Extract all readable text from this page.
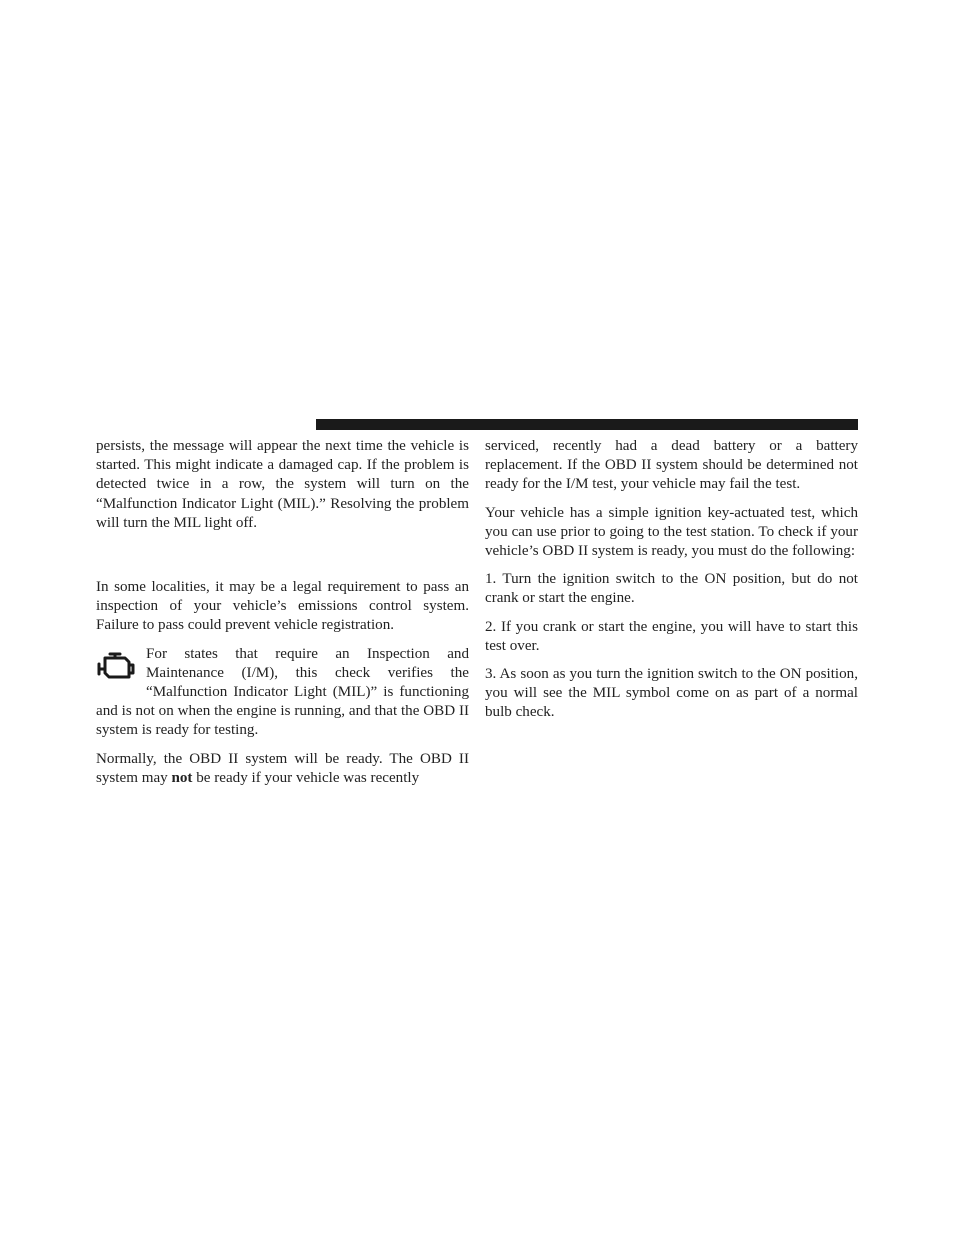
persists, the message will appear the next time the vehicle is started. This might indicate a damaged cap. If the problem is detected twice in a row, the system will turn on the “Malfunction Indicator Light (MIL).” Resolving the problem will turn the MIL light off.

In some localities, it may be a legal requirement to pass an inspection of your vehicle’s emissions control system. Failure to pass could prevent vehicle registration.

For states that require an Inspection and Maintenance (I/M), this check verifies the “Malfunction Indicator Light (MIL)” is functioning and is not on when the engine is running, and that the OBD II system is ready for testing.

Normally, the OBD II system will be ready. The OBD II system may not be ready if your vehicle was recently

serviced, recently had a dead battery or a battery replacement. If the OBD II system should be determined not ready for the I/M test, your vehicle may fail the test.

Your vehicle has a simple ignition key-actuated test, which you can use prior to going to the test station. To check if your vehicle’s OBD II system is ready, you must do the following:

1. Turn the ignition switch to the ON position, but do not crank or start the engine.

2. If you crank or start the engine, you will have to start this test over.

3. As soon as you turn the ignition switch to the ON position, you will see the MIL symbol come on as part of a normal bulb check.
